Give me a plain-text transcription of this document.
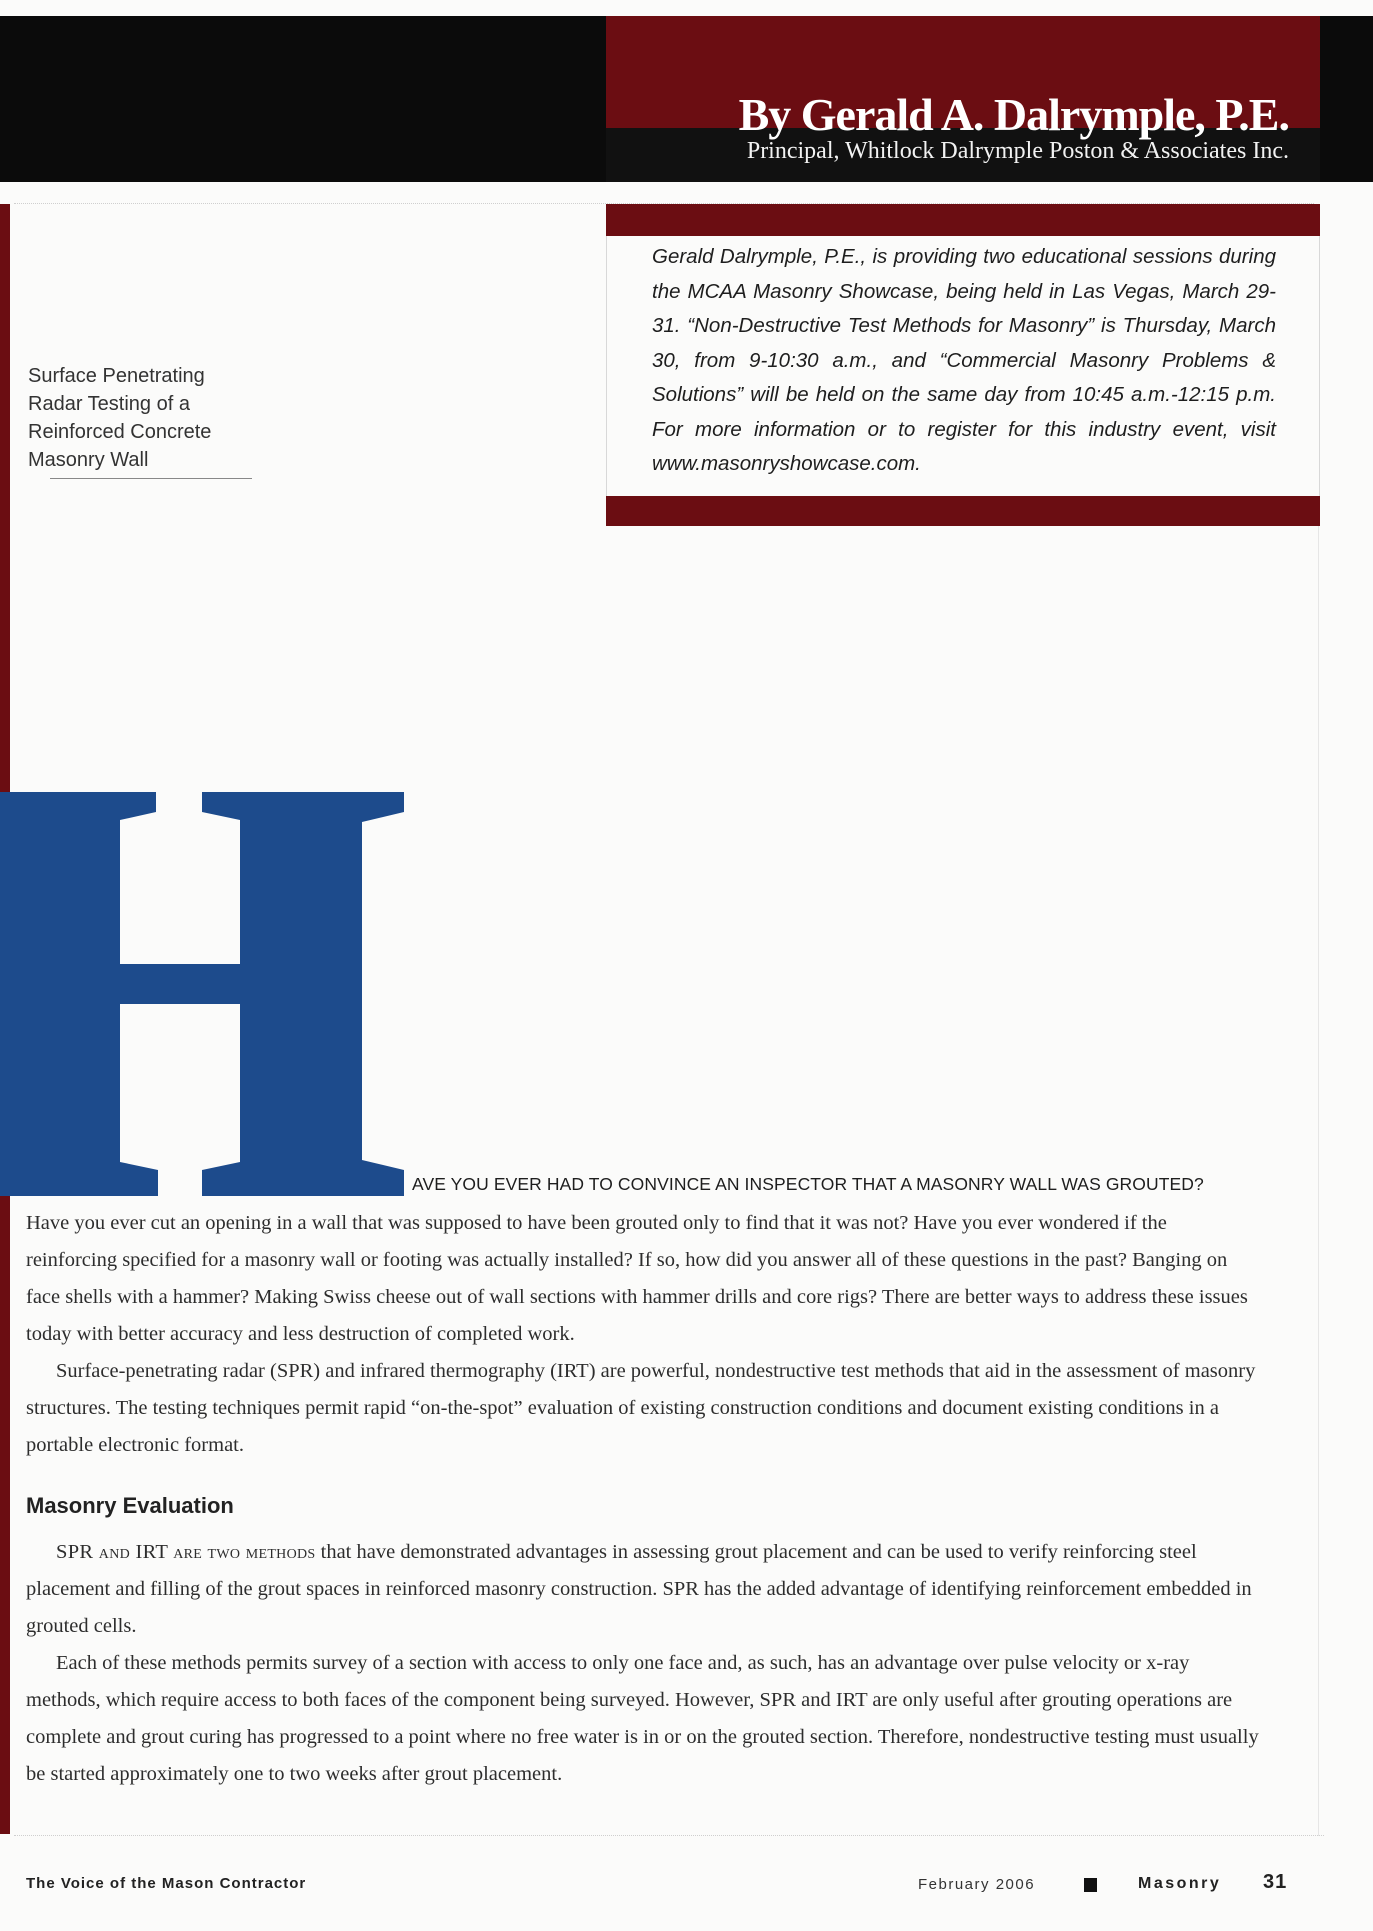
By Gerald A. Dalrymple, P.E.
Principal, Whitlock Dalrymple Poston & Associates Inc.

Surface Penetrating

Radar Testing of a

Reinforced Concrete

Masonry Wall

Gerald Dalrymple, P.E., is providing two educational sessions during the MCAA Masonry Showcase, being held in Las Vegas, March 29-31. “Non-Destructive Test Methods for Masonry” is Thursday, March 30, from 9-10:30 a.m., and “Commercial Masonry Problems & Solutions” will be held on the same day from 10:45 a.m.-12:15 p.m. For more information or to register for this industry event, visit www.masonryshowcase.com.
AVE YOU EVER HAD TO CONVINCE AN INSPECTOR THAT A MASONRY WALL WAS GROUTED?

Have you ever cut an opening in a wall that was supposed to have been grouted only to find that it was not? Have you ever wondered if the reinforcing specified for a masonry wall or footing was actually installed? If so, how did you answer all of these questions in the past? Banging on face shells with a hammer? Making Swiss cheese out of wall sections with hammer drills and core rigs? There are better ways to address these issues today with better accuracy and less destruction of completed work.

Surface-penetrating radar (SPR) and infrared thermography (IRT) are powerful, nondestructive test methods that aid in the assessment of masonry structures. The testing techniques permit rapid “on-the-spot” evaluation of existing construction conditions and document existing conditions in a portable electronic format.

Masonry Evaluation

SPR and IRT are two methods that have demonstrated advantages in assessing grout placement and can be used to verify reinforcing steel placement and filling of the grout spaces in reinforced masonry construction. SPR has the added advantage of identifying reinforcement embedded in grouted cells.

Each of these methods permits survey of a section with access to only one face and, as such, has an advantage over pulse velocity or x-ray methods, which require access to both faces of the component being surveyed. However, SPR and IRT are only useful after grouting operations are complete and grout curing has progressed to a point where no free water is in or on the grouted section. Therefore, nondestructive testing must usually be started approximately one to two weeks after grout placement.

The Voice of the Mason Contractor	February 2006	Masonry 31
